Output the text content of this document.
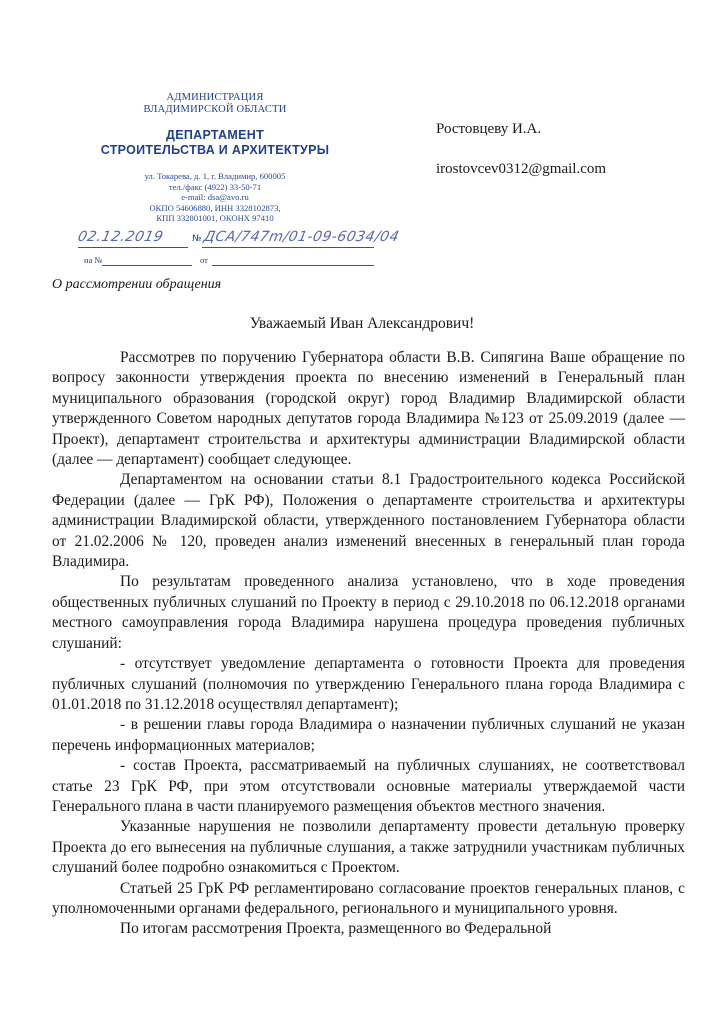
АДМИНИСТРАЦИЯ
ВЛАДИМИРСКОЙ ОБЛАСТИ
ДЕПАРТАМЕНТ
СТРОИТЕЛЬСТВА И АРХИТЕКТУРЫ
ул. Токарева, д. 1, г. Владимир, 600005
тел./факс (4922) 33-50-71
e-mail: dsa@avo.ru
ОКПО 54606880, ИНН 3328102873,
КПП 332801001, ОКОНХ 97410
02.12.2019	№ ДСА/747m/01-09-6034/04
на №	от
Ростовцеву И.А.
irostovcev0312@gmail.com
О рассмотрении обращения
Уважаемый Иван Александрович!

Рассмотрев по поручению Губернатора области В.В. Сипягина Ваше обращение по вопросу законности утверждения проекта по внесению изменений в Генеральный план муниципального образования (городской округ) город Владимир Владимирской области утвержденного Советом народных депутатов города Владимира №123 от 25.09.2019 (далее — Проект), департамент строительства и архитектуры администрации Владимирской области (далее — департамент) сообщает следующее.

Департаментом на основании статьи 8.1 Градостроительного кодекса Российской Федерации (далее — ГрК РФ), Положения о департаменте строительства и архитектуры администрации Владимирской области, утвержденного постановлением Губернатора области от 21.02.2006 № 120, проведен анализ изменений внесенных в генеральный план города Владимира.

По результатам проведенного анализа установлено, что в ходе проведения общественных публичных слушаний по Проекту в период с 29.10.2018 по 06.12.2018 органами местного самоуправления города Владимира нарушена процедура проведения публичных слушаний:

- отсутствует уведомление департамента о готовности Проекта для проведения публичных слушаний (полномочия по утверждению Генерального плана города Владимира с 01.01.2018 по 31.12.2018 осуществлял департамент);

- в решении главы города Владимира о назначении публичных слушаний не указан перечень информационных материалов;

- состав Проекта, рассматриваемый на публичных слушаниях, не соответствовал статье 23 ГрК РФ, при этом отсутствовали основные материалы утверждаемой части Генерального плана в части планируемого размещения объектов местного значения.

Указанные нарушения не позволили департаменту провести детальную проверку Проекта до его вынесения на публичные слушания, а также затруднили участникам публичных слушаний более подробно ознакомиться с Проектом.

Статьей 25 ГрК РФ регламентировано согласование проектов генеральных планов, с уполномоченными органами федерального, регионального и муниципального уровня.

По итогам рассмотрения Проекта, размещенного во Федеральной
